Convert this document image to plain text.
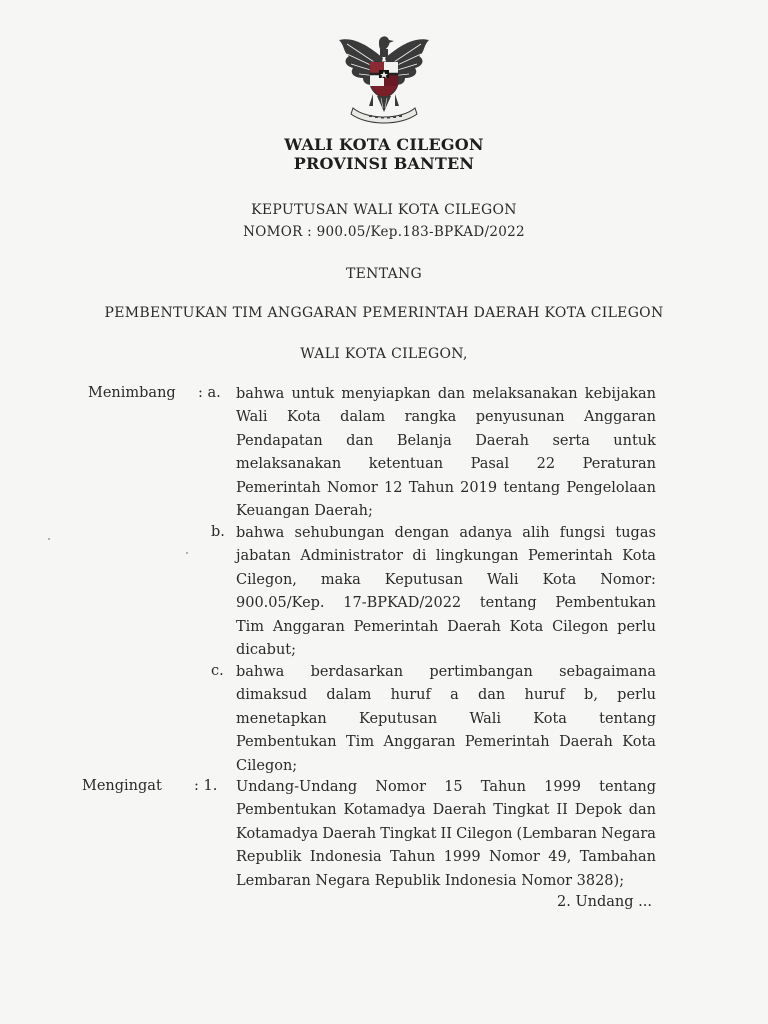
WALI KOTA CILEGON
PROVINSI BANTEN
KEPUTUSAN WALI KOTA CILEGON
NOMOR : 900.05/Kep.183-BPKAD/2022
TENTANG
PEMBENTUKAN TIM ANGGARAN PEMERINTAH DAERAH KOTA CILEGON
WALI KOTA CILEGON,
Menimbang : a. bahwa untuk menyiapkan dan melaksanakan kebijakan
Wali Kota dalam rangka penyusunan Anggaran
Pendapatan dan Belanja Daerah serta untuk
melaksanakan ketentuan Pasal 22 Peraturan
Pemerintah Nomor 12 Tahun 2019 tentang Pengelolaan
Keuangan Daerah;
b. bahwa sehubungan dengan adanya alih fungsi tugas
jabatan Administrator di lingkungan Pemerintah Kota
Cilegon, maka Keputusan Wali Kota Nomor:
900.05/Kep. 17-BPKAD/2022 tentang Pembentukan
Tim Anggaran Pemerintah Daerah Kota Cilegon perlu
dicabut;
c. bahwa berdasarkan pertimbangan sebagaimana
dimaksud dalam huruf a dan huruf b, perlu
menetapkan Keputusan Wali Kota tentang
Pembentukan Tim Anggaran Pemerintah Daerah Kota
Cilegon;
Mengingat : 1. Undang-Undang Nomor 15 Tahun 1999 tentang
Pembentukan Kotamadya Daerah Tingkat II Depok dan
Kotamadya Daerah Tingkat II Cilegon (Lembaran Negara
Republik Indonesia Tahun 1999 Nomor 49, Tambahan
Lembaran Negara Republik Indonesia Nomor 3828);
2. Undang ...
